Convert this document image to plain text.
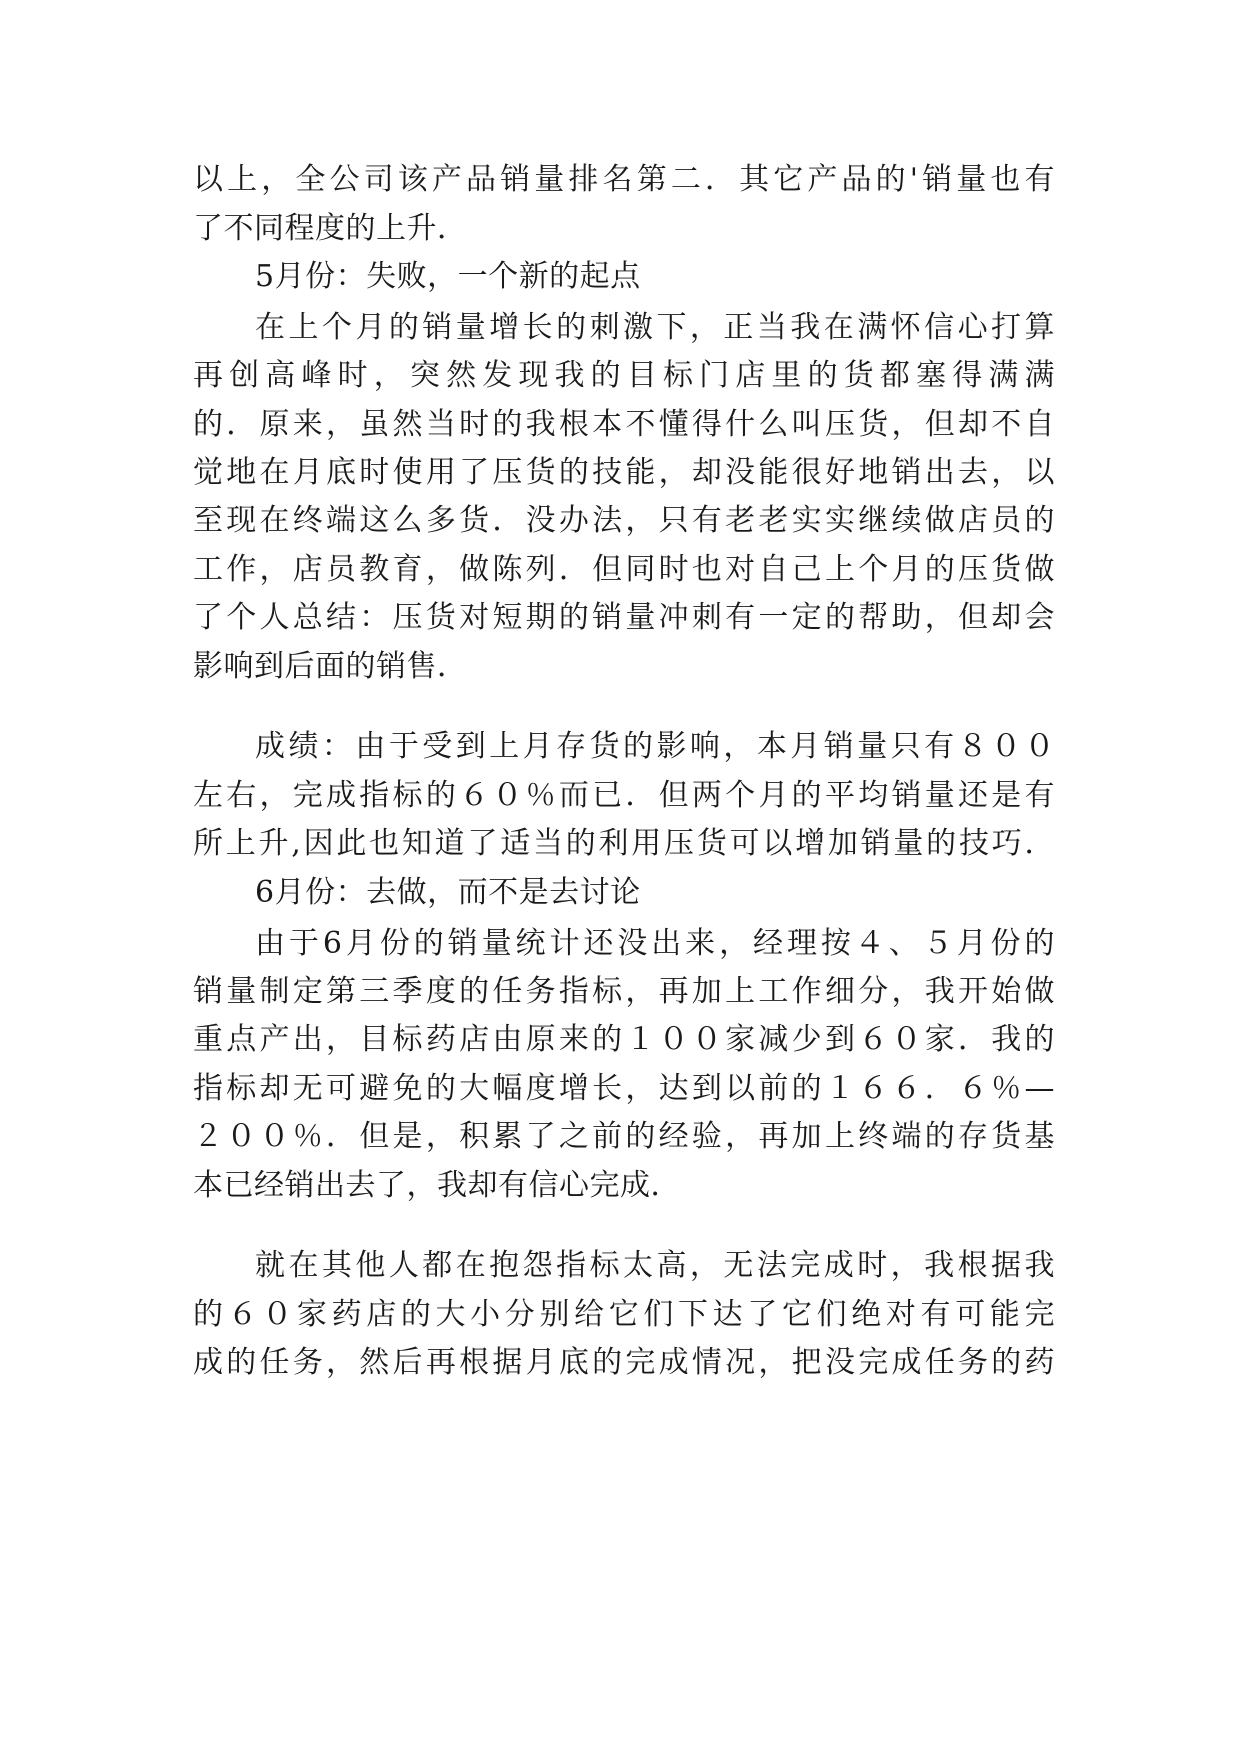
以上，全公司该产品销量排名第二．其它产品的'销量也有
了不同程度的上升．
5月份：失败，一个新的起点
在上个月的销量增长的刺激下，正当我在满怀信心打算
再创高峰时，突然发现我的目标门店里的货都塞得满满
的．原来，虽然当时的我根本不懂得什么叫压货，但却不自
觉地在月底时使用了压货的技能，却没能很好地销出去，以
至现在终端这么多货．没办法，只有老老实实继续做店员的
工作，店员教育，做陈列．但同时也对自己上个月的压货做
了个人总结：压货对短期的销量冲刺有一定的帮助，但却会
影响到后面的销售．
成绩：由于受到上月存货的影响，本月销量只有８００
左右，完成指标的６０％而已．但两个月的平均销量还是有
所上升,因此也知道了适当的利用压货可以增加销量的技巧．
6月份：去做，而不是去讨论
由于6月份的销量统计还没出来，经理按４、５月份的
销量制定第三季度的任务指标，再加上工作细分，我开始做
重点产出，目标药店由原来的１００家减少到６０家．我的
指标却无可避免的大幅度增长，达到以前的１６６．６％—
２００％．但是，积累了之前的经验，再加上终端的存货基
本已经销出去了，我却有信心完成．
就在其他人都在抱怨指标太高，无法完成时，我根据我
的６０家药店的大小分别给它们下达了它们绝对有可能完
成的任务，然后再根据月底的完成情况，把没完成任务的药
